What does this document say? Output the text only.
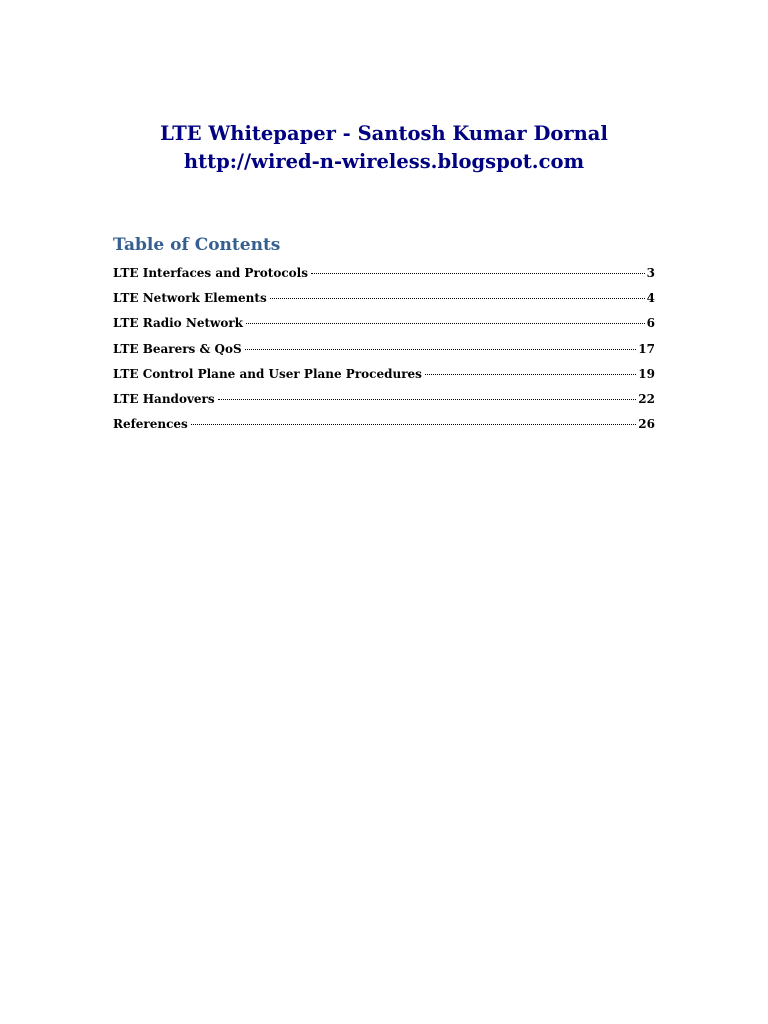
LTE Whitepaper - Santosh Kumar Dornal
http://wired-n-wireless.blogspot.com
Table of Contents
LTE Interfaces and Protocols	3
LTE Network Elements	4
LTE Radio Network	6
LTE Bearers & QoS	17
LTE Control Plane and User Plane Procedures	19
LTE Handovers	22
References	26
